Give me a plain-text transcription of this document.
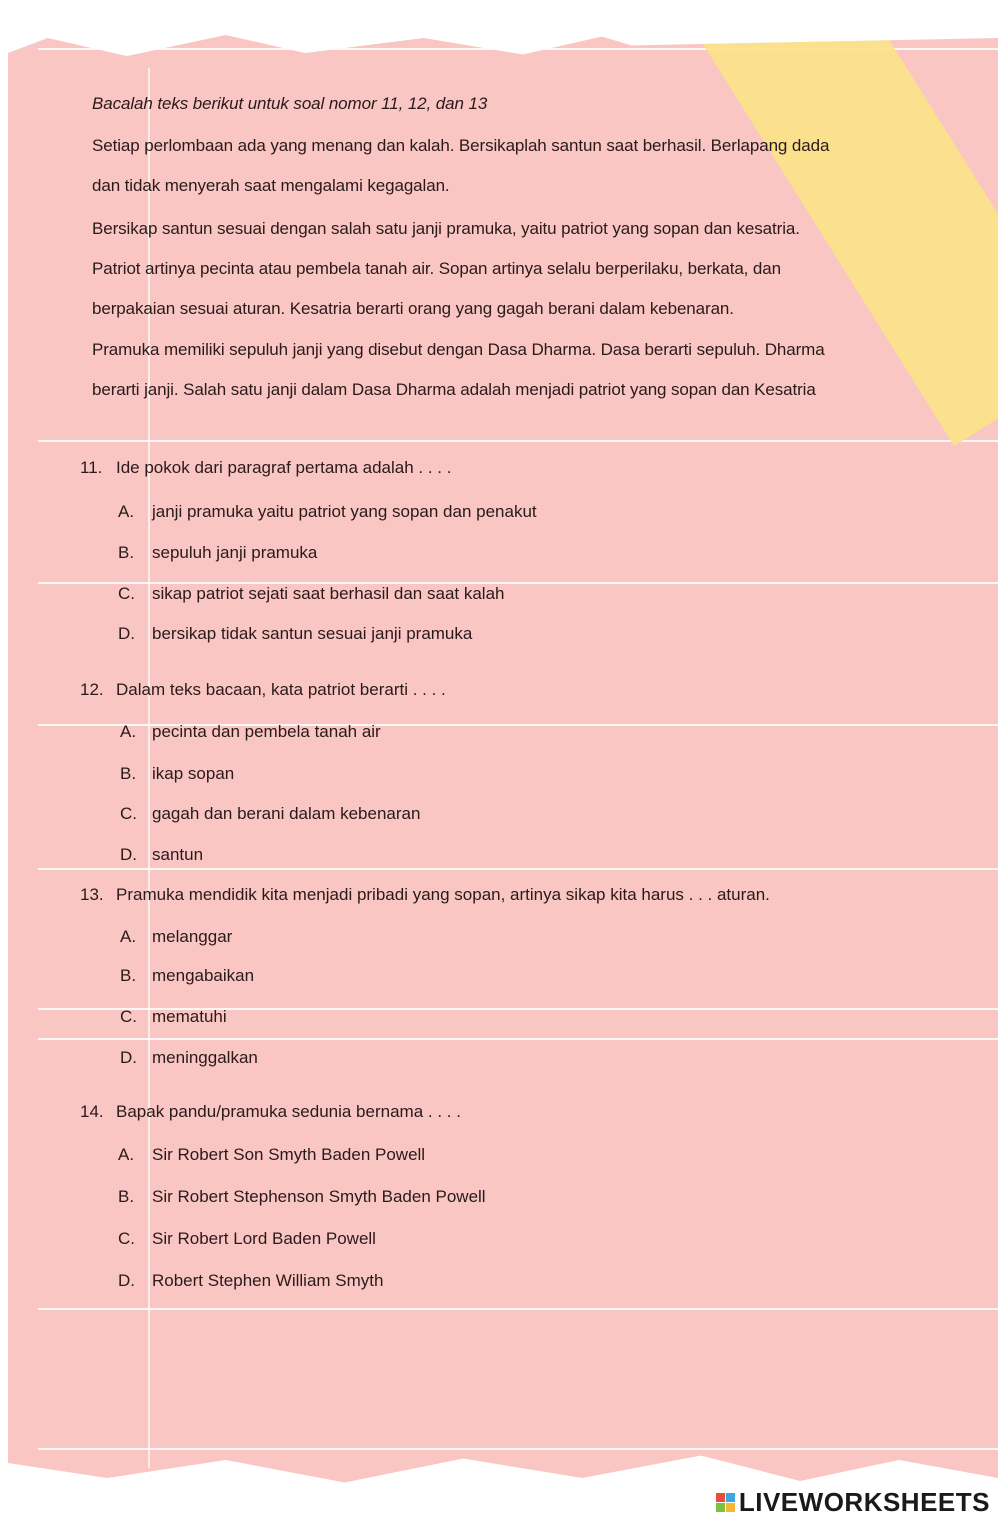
Bacalah teks berikut untuk soal nomor 11, 12, dan 13
Setiap perlombaan ada yang menang dan kalah. Bersikaplah santun saat berhasil. Berlapang dada
dan tidak menyerah saat mengalami kegagalan.
Bersikap santun sesuai dengan salah satu janji pramuka, yaitu patriot yang sopan dan kesatria.
Patriot artinya pecinta atau pembela tanah air. Sopan artinya selalu berperilaku, berkata, dan
berpakaian sesuai aturan. Kesatria berarti orang yang gagah berani dalam kebenaran.
Pramuka memiliki sepuluh janji yang disebut dengan Dasa Dharma. Dasa berarti sepuluh. Dharma
berarti janji. Salah satu janji dalam Dasa Dharma adalah menjadi patriot yang sopan dan Kesatria
11. Ide pokok dari paragraf pertama adalah . . . .
A. janji pramuka yaitu patriot yang sopan dan penakut
B. sepuluh janji pramuka
C. sikap patriot sejati saat berhasil dan saat kalah
D. bersikap tidak santun sesuai janji pramuka
12. Dalam teks bacaan, kata patriot berarti . . . .
A. pecinta dan pembela tanah air
B. ikap sopan
C. gagah dan berani dalam kebenaran
D. santun
13. Pramuka mendidik kita menjadi pribadi yang sopan, artinya sikap kita harus . . . aturan.
A. melanggar
B. mengabaikan
C. mematuhi
D. meninggalkan
14. Bapak pandu/pramuka sedunia bernama . . . .
A. Sir Robert Son Smyth Baden Powell
B. Sir Robert Stephenson Smyth Baden Powell
C. Sir Robert Lord Baden Powell
D. Robert Stephen William Smyth
LIVEWORKSHEETS
